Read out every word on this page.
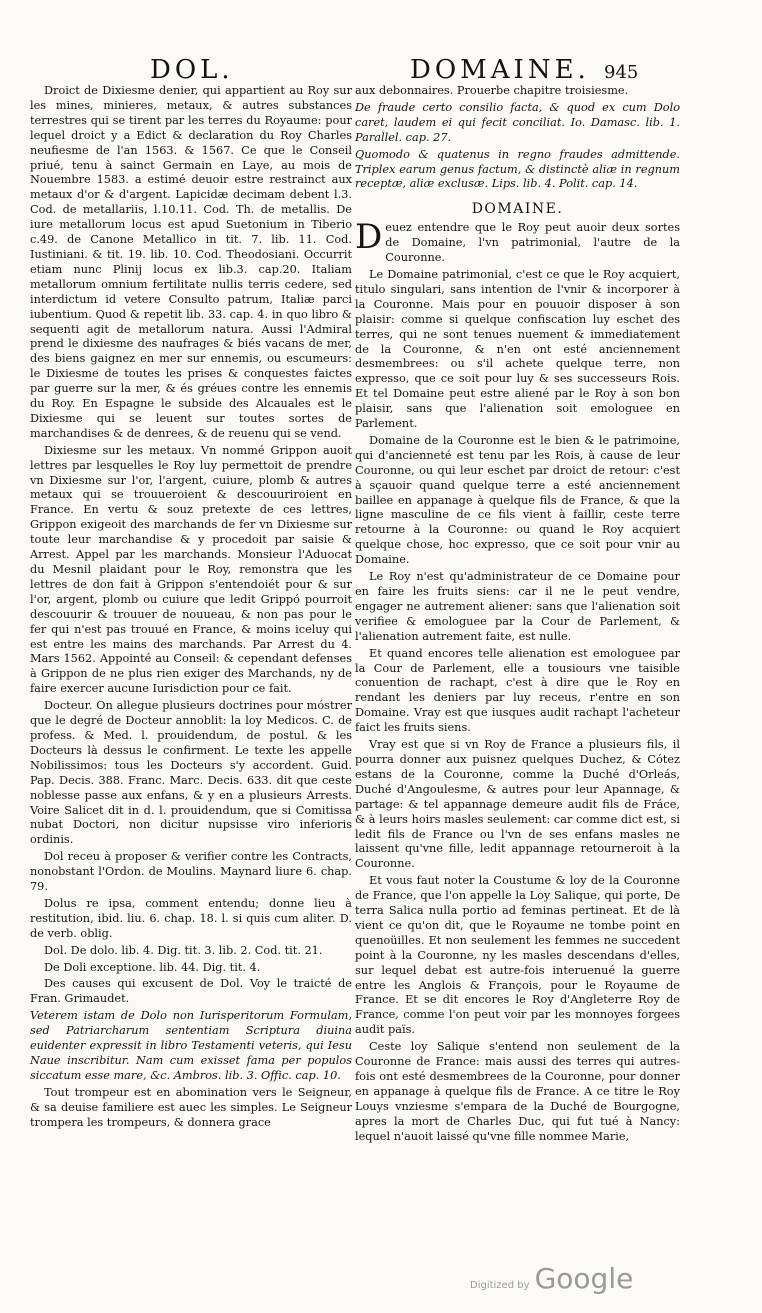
DOL.	DOMAINE. 945

Droict de Dixiesme denier, qui appartient au Roy sur les mines, minieres, metaux, & autres substances terrestres qui se tirent par les terres du Royaume: pour lequel droict y a Edict & declaration du Roy Charles neufiesme de l'an 1563. & 1567. Ce que le Conseil priué, tenu à sainct Germain en Laye, au mois de Nouembre 1583. a estimé deuoir estre restrainct aux metaux d'or & d'argent. Lapicidæ decimam debent l.3. Cod. de metallariis, l.10.11. Cod. Th. de metallis. De iure metallorum locus est apud Suetonium in Tiberio c.49. de Canone Metallico in tit. 7. lib. 11. Cod. Iustiniani. & tit. 19. lib. 10. Cod. Theodosiani. Occurrit etiam nunc Plinij locus ex lib.3. cap.20. Italiam metallorum omnium fertilitate nullis terris cedere, sed interdictum id vetere Consulto patrum, Italiæ parci iubentium. Quod & repetit lib. 33. cap. 4. in quo libro & sequenti agit de metallorum natura. Aussi l'Admiral prend le dixiesme des naufrages & biés vacans de mer, des biens gaignez en mer sur ennemis, ou escumeurs: le Dixiesme de toutes les prises & conquestes faictes par guerre sur la mer, & és gréues contre les ennemis du Roy. En Espagne le subside des Alcauales est le Dixiesme qui se leuent sur toutes sortes de marchandises & de denrees, & de reuenu qui se vend.

Dixiesme sur les metaux. Vn nommé Grippon auoit lettres par lesquelles le Roy luy permettoit de prendre vn Dixiesme sur l'or, l'argent, cuiure, plomb & autres metaux qui se trouueroient & descouuriroient en France. En vertu & souz pretexte de ces lettres, Grippon exigeoit des marchands de fer vn Dixiesme sur toute leur marchandise & y procedoit par saisie & Arrest. Appel par les marchands. Monsieur l'Aduocat du Mesnil plaidant pour le Roy, remonstra que les lettres de don fait à Grippon s'entendoiét pour & sur l'or, argent, plomb ou cuiure que ledit Grippó pourroit descouurir & trouuer de nouueau, & non pas pour le fer qui n'est pas trouué en France, & moins iceluy qui est entre les mains des marchands. Par Arrest du 4. Mars 1562. Appointé au Conseil: & cependant defenses à Grippon de ne plus rien exiger des Marchands, ny de faire exercer aucune Iurisdiction pour ce fait.

Docteur. On allegue plusieurs doctrines pour móstrer que le degré de Docteur annoblit: la loy Medicos. C. de profess. & Med. l. prouidendum, de postul. & les Docteurs là dessus le confirment. Le texte les appelle Nobilissimos: tous les Docteurs s'y accordent. Guid. Pap. Decis. 388. Franc. Marc. Decis. 633. dit que ceste noblesse passe aux enfans, & y en a plusieurs Arrests. Voire Salicet dit in d. l. prouidendum, que si Comitissa nubat Doctori, non dicitur nupsisse viro inferioris ordinis.

Dol receu à proposer & verifier contre les Contracts, nonobstant l'Ordon. de Moulins. Maynard liure 6. chap. 79.

Dolus re ipsa, comment entendu; donne lieu à restitution, ibid. liu. 6. chap. 18. l. si quis cum aliter. D. de verb. oblig.

Dol. De dolo. lib. 4. Dig. tit. 3. lib. 2. Cod. tit. 21.

De Doli exceptione. lib. 44. Dig. tit. 4.

Des causes qui excusent de Dol. Voy le traicté de Fran. Grimaudet.

Veterem istam de Dolo non Iurisperitorum Formulam, sed Patriarcharum sententiam Scriptura diuina euidenter expressit in libro Testamenti veteris, qui Iesu Naue inscribitur. Nam cum exisset fama per populos siccatum esse mare, &c. Ambros. lib. 3. Offic. cap. 10.

Tout trompeur est en abomination vers le Seigneur, & sa deuise familiere est auec les simples. Le Seigneur trompera les trompeurs, & donnera grace

aux debonnaires. Prouerbe chapitre troisiesme.

De fraude certo consilio facta, & quod ex cum Dolo caret, laudem ei qui fecit conciliat. Io. Damasc. lib. 1. Parallel. cap. 27.

Quomodo & quatenus in regno fraudes admittende. Triplex earum genus factum, & distinctè aliæ in regnum receptæ, aliæ exclusæ. Lips. lib. 4. Polit. cap. 14.

DOMAINE.

Deuez entendre que le Roy peut auoir deux sortes de Domaine, l'vn patrimonial, l'autre de la Couronne.

Le Domaine patrimonial, c'est ce que le Roy acquiert, titulo singulari, sans intention de l'vnir & incorporer à la Couronne. Mais pour en pouuoir disposer à son plaisir: comme si quelque confiscation luy eschet des terres, qui ne sont tenues nuement & immediatement de la Couronne, & n'en ont esté anciennement desmembrees: ou s'il achete quelque terre, non expresso, que ce soit pour luy & ses successeurs Rois. Et tel Domaine peut estre aliené par le Roy à son bon plaisir, sans que l'alienation soit emologuee en Parlement.

Domaine de la Couronne est le bien & le patrimoine, qui d'ancienneté est tenu par les Rois, à cause de leur Couronne, ou qui leur eschet par droict de retour: c'est à sçauoir quand quelque terre a esté anciennement baillee en appanage à quelque fils de France, & que la ligne masculine de ce fils vient à faillir, ceste terre retourne à la Couronne: ou quand le Roy acquiert quelque chose, hoc expresso, que ce soit pour vnir au Domaine.

Le Roy n'est qu'administrateur de ce Domaine pour en faire les fruits siens: car il ne le peut vendre, engager ne autrement aliener: sans que l'alienation soit verifiee & emologuee par la Cour de Parlement, & l'alienation autrement faite, est nulle.

Et quand encores telle alienation est emologuee par la Cour de Parlement, elle a tousiours vne taisible conuention de rachapt, c'est à dire que le Roy en rendant les deniers par luy receus, r'entre en son Domaine. Vray est que iusques audit rachapt l'acheteur faict les fruits siens.

Vray est que si vn Roy de France a plusieurs fils, il pourra donner aux puisnez quelques Duchez, & Cótez estans de la Couronne, comme la Duché d'Orleás, Duché d'Angoulesme, & autres pour leur Apannage, & partage: & tel appannage demeure audit fils de Fráce, & à leurs hoirs masles seulement: car comme dict est, si ledit fils de France ou l'vn de ses enfans masles ne laissent qu'vne fille, ledit appannage retourneroit à la Couronne.

Et vous faut noter la Coustume & loy de la Couronne de France, que l'on appelle la Loy Salique, qui porte, De terra Salica nulla portio ad feminas pertineat. Et de là vient ce qu'on dit, que le Royaume ne tombe point en quenoüilles. Et non seulement les femmes ne succedent point à la Couronne, ny les masles descendans d'elles, sur lequel debat est autre-fois interuenué la guerre entre les Anglois & François, pour le Royaume de France. Et se dit encores le Roy d'Angleterre Roy de France, comme l'on peut voir par les monnoyes forgees audit païs.

Ceste loy Salique s'entend non seulement de la Couronne de France: mais aussi des terres qui autres-fois ont esté desmembrees de la Couronne, pour donner en appanage à quelque fils de France. A ce titre le Roy Louys vnziesme s'empara de la Duché de Bourgogne, apres la mort de Charles Duc, qui fut tué à Nancy: lequel n'auoit laissé qu'vne fille nommee Marie,

Digitized by Google
